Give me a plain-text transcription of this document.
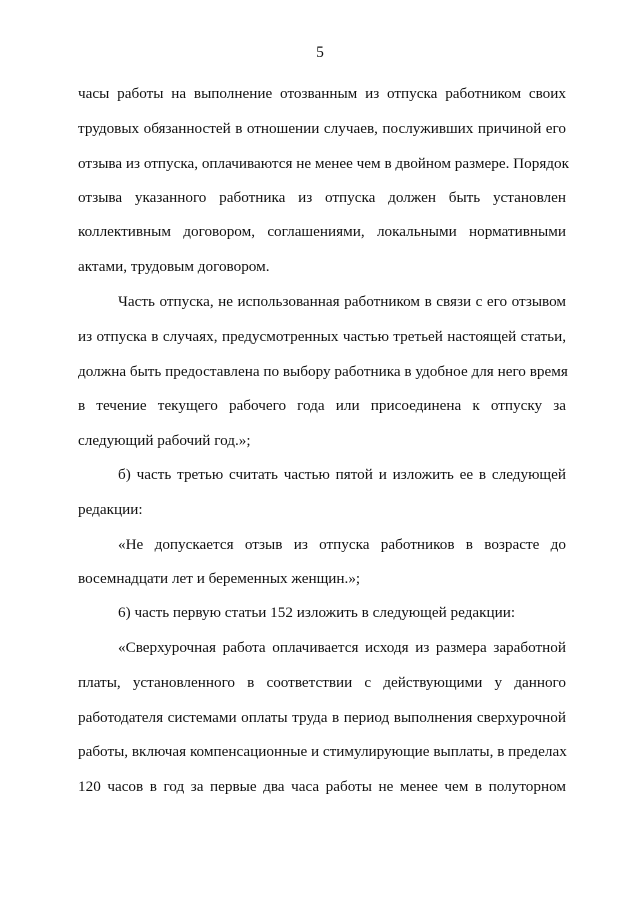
5
часы работы на выполнение отозванным из отпуска работником своих
трудовых обязанностей в отношении случаев, послуживших причиной его
отзыва из отпуска, оплачиваются не менее чем в двойном размере. Порядок
отзыва указанного работника из отпуска должен быть установлен
коллективным договором, соглашениями, локальными нормативными
актами, трудовым договором.
Часть отпуска, не использованная работником в связи с его отзывом
из отпуска в случаях, предусмотренных частью третьей настоящей статьи,
должна быть предоставлена по выбору работника в удобное для него время
в течение текущего рабочего года или присоединена к отпуску за
следующий рабочий год.»;
б) часть третью считать частью пятой и изложить ее в следующей
редакции:
«Не допускается отзыв из отпуска работников в возрасте до
восемнадцати лет и беременных женщин.»;
6) часть первую статьи 152 изложить в следующей редакции:
«Сверхурочная работа оплачивается исходя из размера заработной
платы, установленного в соответствии с действующими у данного
работодателя системами оплаты труда в период выполнения сверхурочной
работы, включая компенсационные и стимулирующие выплаты, в пределах
120 часов в год за первые два часа работы не менее чем в полуторном
